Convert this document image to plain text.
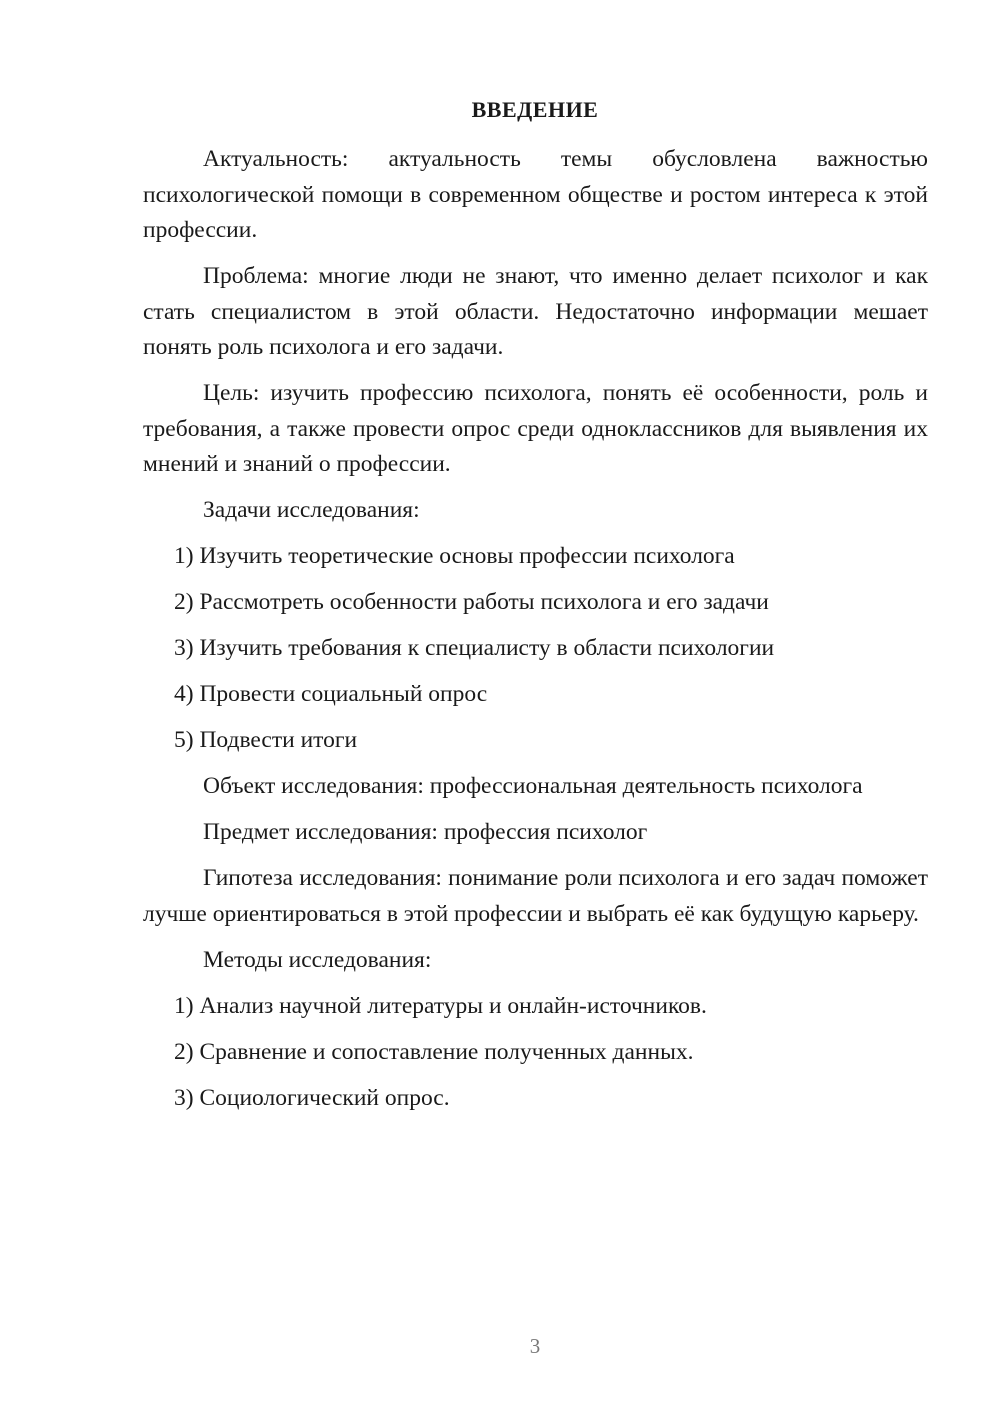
ВВЕДЕНИЕ

Актуальность: актуальность темы обусловлена важностью психологической помощи в современном обществе и ростом интереса к этой профессии.

Проблема: многие люди не знают, что именно делает психолог и как стать специалистом в этой области. Недостаточно информации мешает понять роль психолога и его задачи.

Цель: изучить профессию психолога, понять её особенности, роль и требования, а также провести опрос среди одноклассников для выявления их мнений и знаний о профессии.

Задачи исследования:

1) Изучить теоретические основы профессии психолога

2) Рассмотреть особенности работы психолога и его задачи

3) Изучить требования к специалисту в области психологии

4) Провести социальный опрос

5) Подвести итоги

Объект исследования: профессиональная деятельность психолога

Предмет исследования: профессия психолог

Гипотеза исследования: понимание роли психолога и его задач поможет лучше ориентироваться в этой профессии и выбрать её как будущую карьеру.

Методы исследования:

1) Анализ научной литературы и онлайн-источников.

2) Сравнение и сопоставление полученных данных.

3) Социологический опрос.

3
